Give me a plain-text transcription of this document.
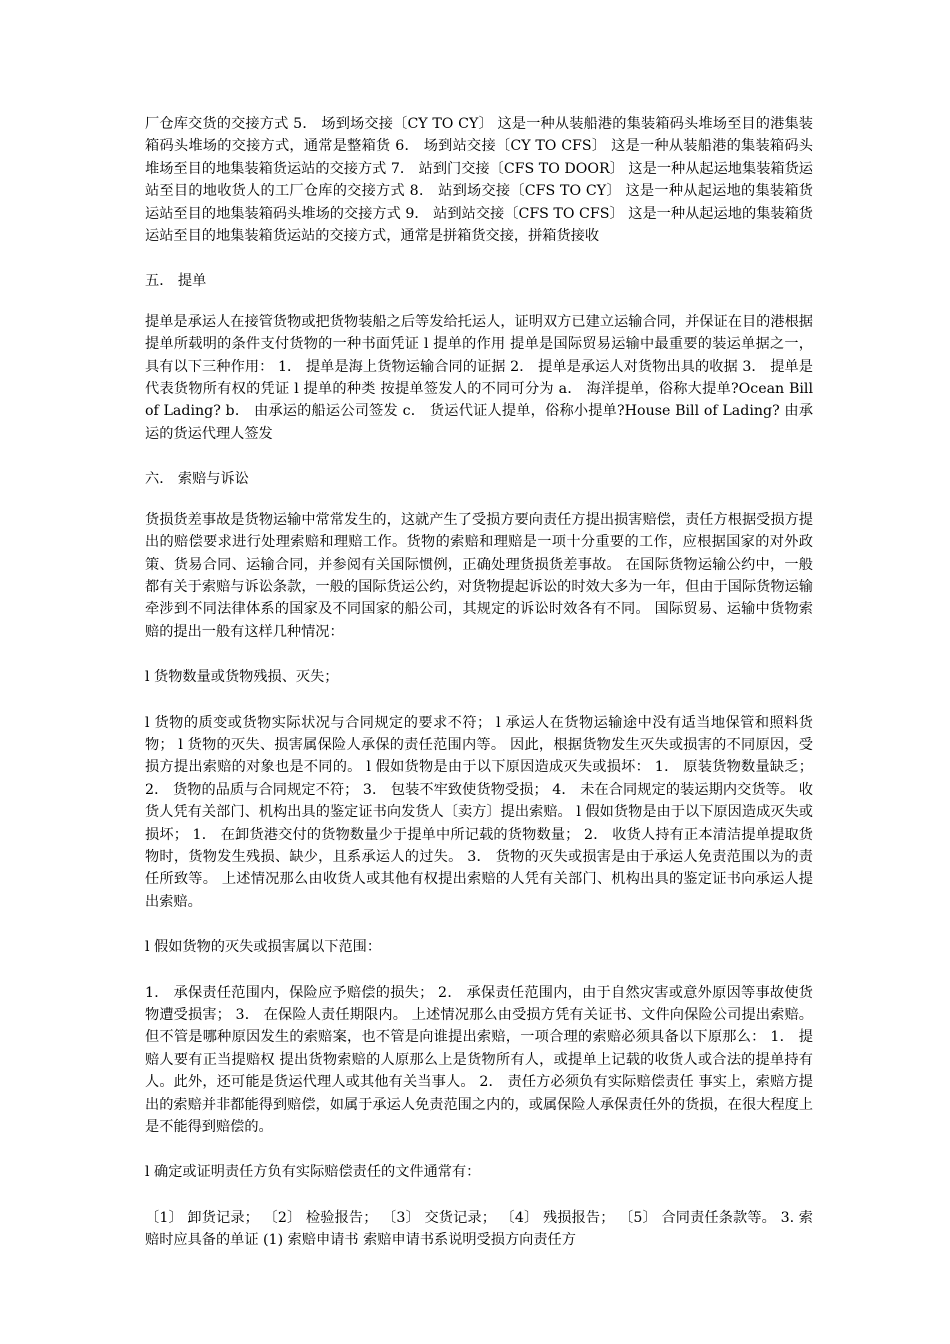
厂仓库交货的交接方式 5． 场到场交接〔CY TO CY〕 这是一种从装船港的集装箱码头堆场至目的港集装箱码头堆场的交接方式，通常是整箱货 6． 场到站交接〔CY TO CFS〕 这是一种从装船港的集装箱码头堆场至目的地集装箱货运站的交接方式 7． 站到门交接〔CFS TO DOOR〕 这是一种从起运地集装箱货运站至目的地收货人的工厂仓库的交接方式 8． 站到场交接〔CFS TO CY〕 这是一种从起运地的集装箱货运站至目的地集装箱码头堆场的交接方式 9． 站到站交接〔CFS TO CFS〕 这是一种从起运地的集装箱货运站至目的地集装箱货运站的交接方式，通常是拼箱货交接，拼箱货接收

五． 提单

提单是承运人在接管货物或把货物装船之后等发给托运人，证明双方已建立运输合同，并保证在目的港根据提单所载明的条件支付货物的一种书面凭证 l 提单的作用 提单是国际贸易运输中最重要的装运单据之一，具有以下三种作用： 1． 提单是海上货物运输合同的证据 2． 提单是承运人对货物出具的收据 3． 提单是代表货物所有权的凭证 l 提单的种类 按提单签发人的不同可分为 a． 海洋提单，俗称大提单?Ocean Bill of Lading? b． 由承运的船运公司签发 c． 货运代证人提单，俗称小提单?House Bill of Lading? 由承运的货运代理人签发

六． 索赔与诉讼

货损货差事故是货物运输中常常发生的，这就产生了受损方要向责任方提出损害赔偿，责任方根据受损方提出的赔偿要求进行处理索赔和理赔工作。货物的索赔和理赔是一项十分重要的工作，应根据国家的对外政策、货易合同、运输合同，并参阅有关国际惯例，正确处理货损货差事故。 在国际货物运输公约中，一般都有关于索赔与诉讼条款，一般的国际货运公约，对货物提起诉讼的时效大多为一年，但由于国际货物运输牵涉到不同法律体系的国家及不同国家的船公司，其规定的诉讼时效各有不同。 国际贸易、运输中货物索赔的提出一般有这样几种情况：

l 货物数量或货物残损、灭失；

l 货物的质变或货物实际状况与合同规定的要求不符； l 承运人在货物运输途中没有适当地保管和照料货物； l 货物的灭失、损害属保险人承保的责任范围内等。 因此，根据货物发生灭失或损害的不同原因，受损方提出索赔的对象也是不同的。 l 假如货物是由于以下原因造成灭失或损坏： 1． 原装货物数量缺乏； 2． 货物的品质与合同规定不符； 3． 包装不牢致使货物受损； 4． 未在合同规定的装运期内交货等。 收货人凭有关部门、机构出具的鉴定证书向发货人〔卖方〕提出索赔。 l 假如货物是由于以下原因造成灭失或损坏； 1． 在卸货港交付的货物数量少于提单中所记载的货物数量； 2． 收货人持有正本清洁提单提取货物时，货物发生残损、缺少，且系承运人的过失。 3． 货物的灭失或损害是由于承运人免责范围以为的责任所致等。 上述情况那么由收货人或其他有权提出索赔的人凭有关部门、机构出具的鉴定证书向承运人提出索赔。

l 假如货物的灭失或损害属以下范围：

1． 承保责任范围内，保险应予赔偿的损失； 2． 承保责任范围内，由于自然灾害或意外原因等事故使货物遭受损害； 3． 在保险人责任期限内。 上述情况那么由受损方凭有关证书、文件向保险公司提出索赔。 但不管是哪种原因发生的索赔案，也不管是向谁提出索赔，一项合理的索赔必须具备以下原那么： 1． 提赔人要有正当提赔权 提出货物索赔的人原那么上是货物所有人，或提单上记载的收货人或合法的提单持有人。此外，还可能是货运代理人或其他有关当事人。 2． 责任方必须负有实际赔偿责任 事实上，索赔方提出的索赔并非都能得到赔偿，如属于承运人免责范围之内的，或属保险人承保责任外的货损，在很大程度上是不能得到赔偿的。

l 确定或证明责任方负有实际赔偿责任的文件通常有：

〔1〕 卸货记录； 〔2〕 检验报告； 〔3〕 交货记录； 〔4〕 残损报告； 〔5〕 合同责任条款等。 3. 索赔时应具备的单证 (1) 索赔申请书 索赔申请书系说明受损方向责任方
